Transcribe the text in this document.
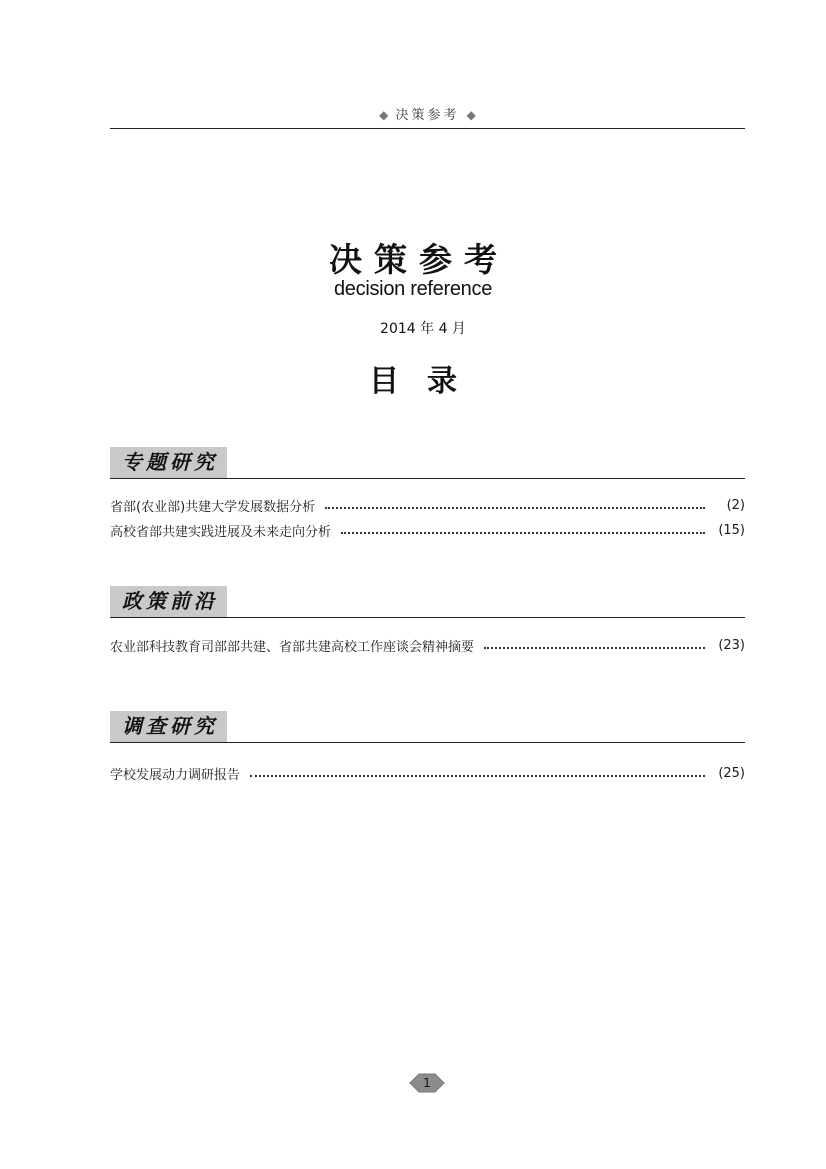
◆ 决策参考 ◆
决策参考
decision reference
2014 年 4 月
目录
专题研究
省部(农业部)共建大学发展数据分析	(2)
高校省部共建实践进展及未来走向分析	(15)
政策前沿
农业部科技教育司部部共建、省部共建高校工作座谈会精神摘要	(23)
调查研究
学校发展动力调研报告	(25)
1
